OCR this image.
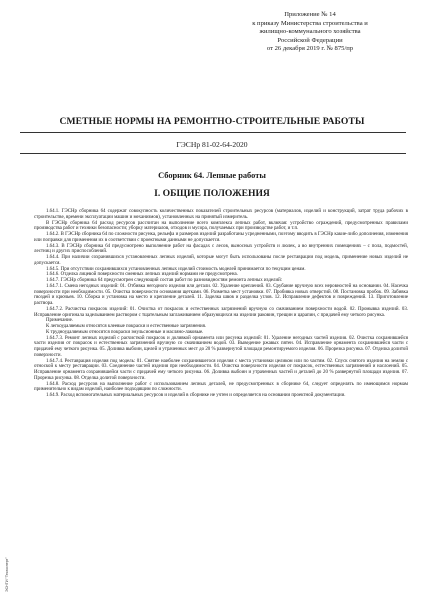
Приложение № 14
к приказу Министерства строительства и
жилищно-коммунального хозяйства
Российской Федерации
от 26 декабря 2019 г. № 875/пр
СМЕТНЫЕ НОРМЫ НА РЕМОНТНО-СТРОИТЕЛЬНЫЕ РАБОТЫ
ГЭСНр 81-02-64-2020
Сборник 64. Лепные работы
I. ОБЩИЕ ПОЛОЖЕНИЯ

1.64.1. ГЭСНр сборника 64 содержат совокупность количественных показателей строительных ресурсов (материалов, изделий и конструкций, затрат труда рабочих в строительстве, времени эксплуатации машин и механизмов), установленных на принятый измеритель.

В ГЭСНр сборника 64 расход ресурсов рассчитан на выполнение всего комплекса лепных работ, включая: устройство ограждений, предусмотренных правилами производства работ и техники безопасности; уборку материалов, отходов и мусора, получаемых при производстве работ, и т.п.

1.64.2. В ГЭСНр сборника 64 по сложности рисунка, рельефа и размеров изделий разработаны усредненными, поэтому вводить в ГЭСНр какие-либо дополнения, изменения или поправки для применения их в соответствии с проектными данными не допускается.

1.64.3. В ГЭСНр сборника 64 предусмотрено выполнение работ на фасадах с лесов, выносных устройств и люлек, а во внутренних помещениях – с пола, подмостей, лестниц и других приспособлений.

1.64.4. При наличии сохранившихся установленных лепных изделий, которые могут быть использованы после реставрации под модель, применение новых изделий не допускается.

1.64.5. При отсутствии сохранившихся установленных лепных изделий стоимость моделей принимается по текущим ценам.

1.64.6. Отделка лицевой поверхности сменных лепных изделий нормами не предусмотрена.

1.64.7. ГЭСНр сборника 64 предусмотрен следующий состав работ по разновидностям ремонта лепных изделий:

1.64.7.1. Смена негодных изделий: 01. Отбивка негодного изделия или детали. 02. Удаление креплений. 03. Срубание вручную всех неровностей на основании. 04. Насечка поверхности при необходимости. 05. Очистка поверхности основания щетками. 06. Разметка мест установки. 07. Пробивка новых отверстий. 08. Постановка пробок. 09. Забивка гвоздей и крючьев. 10. Сборка и установка на место и крепление деталей. 11. Заделка швов и разделка углов. 12. Исправление дефектов и повреждений. 13. Приготовление раствора.

1.64.7.2. Расчистка покрасок изделий: 01. Очистка от покрасок и естественных загрязнений вручную со смачиванием поверхности водой. 02. Промывка изделий. 03. Исправление оригинала заделыванием раствором с тщательным заглаживанием образующихся на изделии раковин, трещин и царапин, с придачей ему четкого рисунка.

Примечание.

К легкоудаляемым относятся клеевые покраски и естественные загрязнения.

К трудноудаляемым относятся покраски эмульсионные и масляно-лаковые.

1.64.7.3. Ремонт лепных изделий с расчисткой покрасок и доливкой орнамента или рисунка изделий: 01. Удаление негодных частей изделия. 02. Очистка сохранившейся части изделия от покрасок и естественных загрязнений вручную со смачиванием водой. 03. Выведение ржавых пятен. 04. Исправление орнамента сохранившейся части с придачей ему четкого рисунка. 05. Доливка выбоин, щелей и утраченных мест до 20 % развернутой площади ремонтируемого изделия. 06. Прорезка рисунка. 07. Отделка долитой поверхности.

1.64.7.4. Реставрация изделия под модель: 01. Снятие наиболее сохранившегося изделия с места установки целиком или по частям. 02. Спуск снятого изделия на землю с отноской к месту реставрации. 03. Соединение частей изделия при необходимости. 04. Очистка поверхности изделия от покрасок, естественных загрязнений и наслоений. 05. Исправление орнамента сохранившейся части с придачей ему четкого рисунка. 06. Доливка выбоин и утраченных частей и деталей до 20 % развернутой площади изделия. 07. Прорезка рисунка. 08. Отделка долитой поверхности.

1.64.8. Расход ресурсов на выполнение работ с использованием лепных деталей, не предусмотренных в сборнике 64, следует определять по имеющимся нормам применительно к видам изделий, наиболее подходящим по сложности.

1.64.9. Расход вспомогательных материальных ресурсов и изделий в сборнике не учтен и определяется на основании проектной документации.

ЭСНТИ "Техэксперт"
